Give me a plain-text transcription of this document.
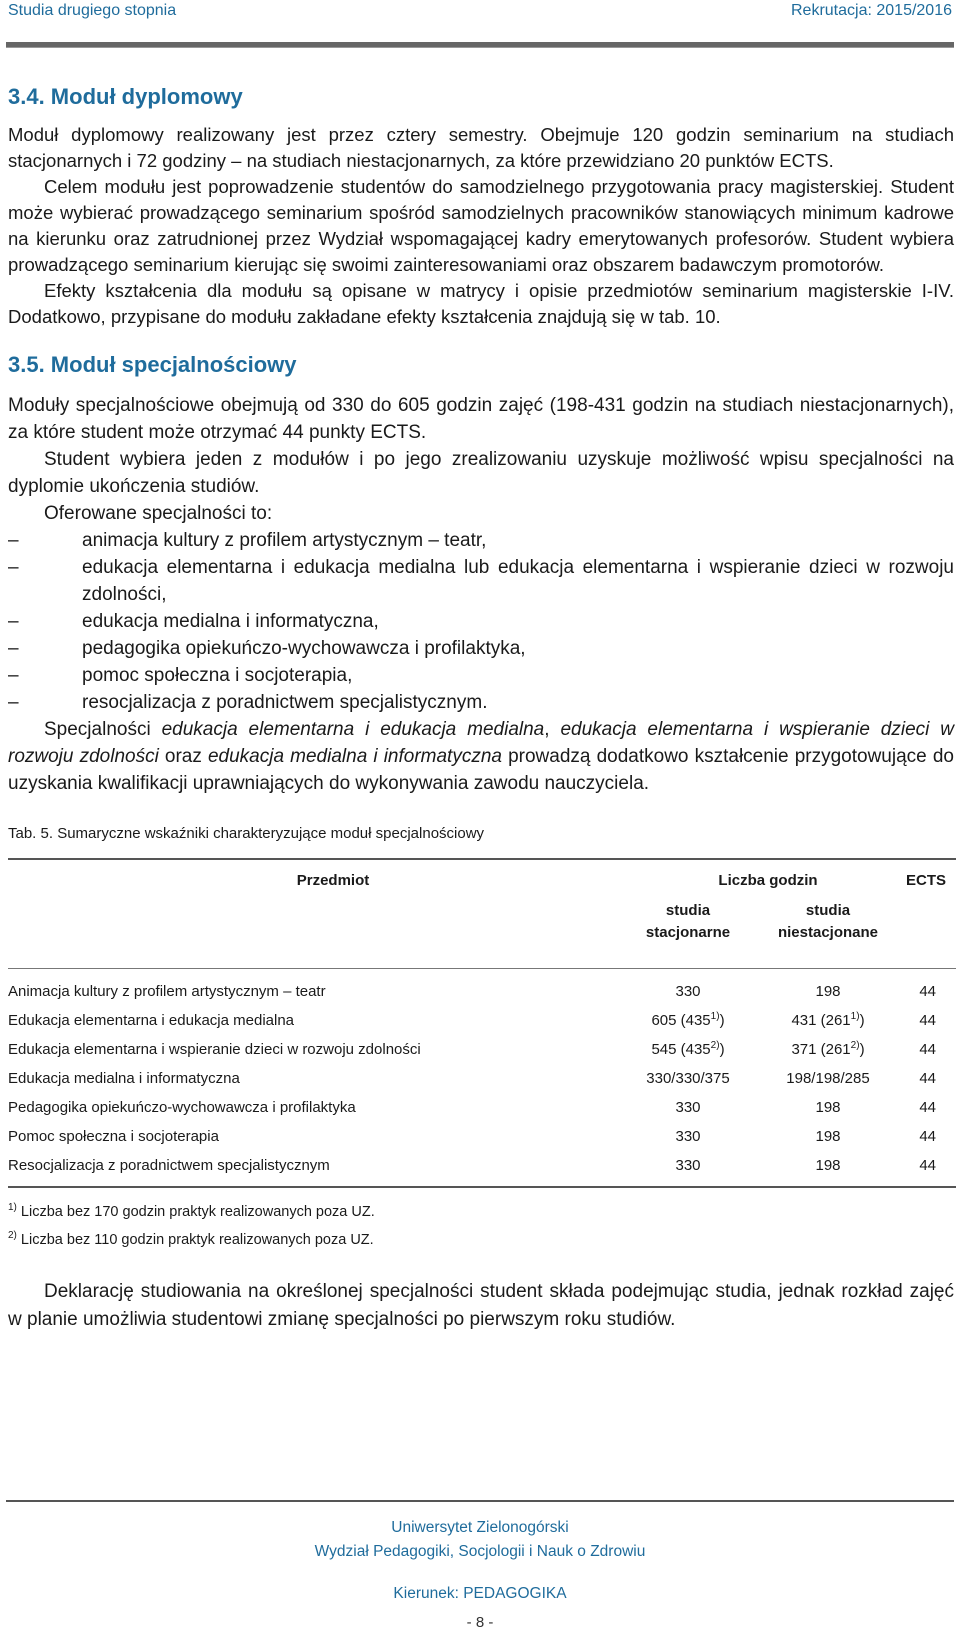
Studia drugiego stopnia	Rekrutacja: 2015/2016
3.4. Moduł dyplomowy

Moduł dyplomowy realizowany jest przez cztery semestry. Obejmuje 120 godzin seminarium na studiach stacjonarnych i 72 godziny – na studiach niestacjonarnych, za które przewidziano 20 punktów ECTS.

Celem modułu jest poprowadzenie studentów do samodzielnego przygotowania pracy magisterskiej. Student może wybierać prowadzącego seminarium spośród samodzielnych pracowników stanowiących minimum kadrowe na kierunku oraz zatrudnionej przez Wydział wspomagającej kadry emerytowanych profesorów. Student wybiera prowadzącego seminarium kierując się swoimi zainteresowaniami oraz obszarem badawczym promotorów.

Efekty kształcenia dla modułu są opisane w matrycy i opisie przedmiotów seminarium magisterskie I-IV. Dodatkowo, przypisane do modułu zakładane efekty kształcenia znajdują się w tab. 10.

3.5. Moduł specjalnościowy

Moduły specjalnościowe obejmują od 330 do 605 godzin zajęć (198-431 godzin na studiach niestacjonarnych), za które student może otrzymać 44 punkty ECTS.

Student wybiera jeden z modułów i po jego zrealizowaniu uzyskuje możliwość wpisu specjalności na dyplomie ukończenia studiów.

Oferowane specjalności to:

–	animacja kultury z profilem artystycznym – teatr,
–	edukacja elementarna i edukacja medialna lub edukacja elementarna i wspieranie dzieci w rozwoju zdolności,
–	edukacja medialna i informatyczna,
–	pedagogika opiekuńczo-wychowawcza i profilaktyka,
–	pomoc społeczna i socjoterapia,
–	resocjalizacja z poradnictwem specjalistycznym.

Specjalności edukacja elementarna i edukacja medialna, edukacja elementarna i wspieranie dzieci w rozwoju zdolności oraz edukacja medialna i informatyczna prowadzą dodatkowo kształcenie przygotowujące do uzyskania kwalifikacji uprawniających do wykonywania zawodu nauczyciela.

Tab. 5. Sumaryczne wskaźniki charakteryzujące moduł specjalnościowy

Przedmiot	Liczba godzin		ECTS
	studia
stacjonarne	studia
niestacjonane	
Animacja kultury z profilem artystycznym – teatr	330	198	44
Edukacja elementarna i edukacja medialna	605 (435$^{1)}$)	431 (261$^{1)}$)	44
Edukacja elementarna i wspieranie dzieci w rozwoju zdolności	545 (435$^{2)}$)	371 (261$^{2)}$)	44
Edukacja medialna i informatyczna	330/330/375	198/198/285	44
Pedagogika opiekuńczo-wychowawcza i profilaktyka	330	198	44
Pomoc społeczna i socjoterapia	330	198	44
Resocjalizacja z poradnictwem specjalistycznym	330	198	44

$^{1)}$ Liczba bez 170 godzin praktyk realizowanych poza UZ.

$^{2)}$ Liczba bez 110 godzin praktyk realizowanych poza UZ.

Deklarację studiowania na określonej specjalności student składa podejmując studia, jednak rozkład zajęć w planie umożliwia studentowi zmianę specjalności po pierwszym roku studiów.

Uniwersytet Zielonogórski
Wydział Pedagogiki, Socjologii i Nauk o Zdrowiu
Kierunek: PEDAGOGIKA
- 8 -
